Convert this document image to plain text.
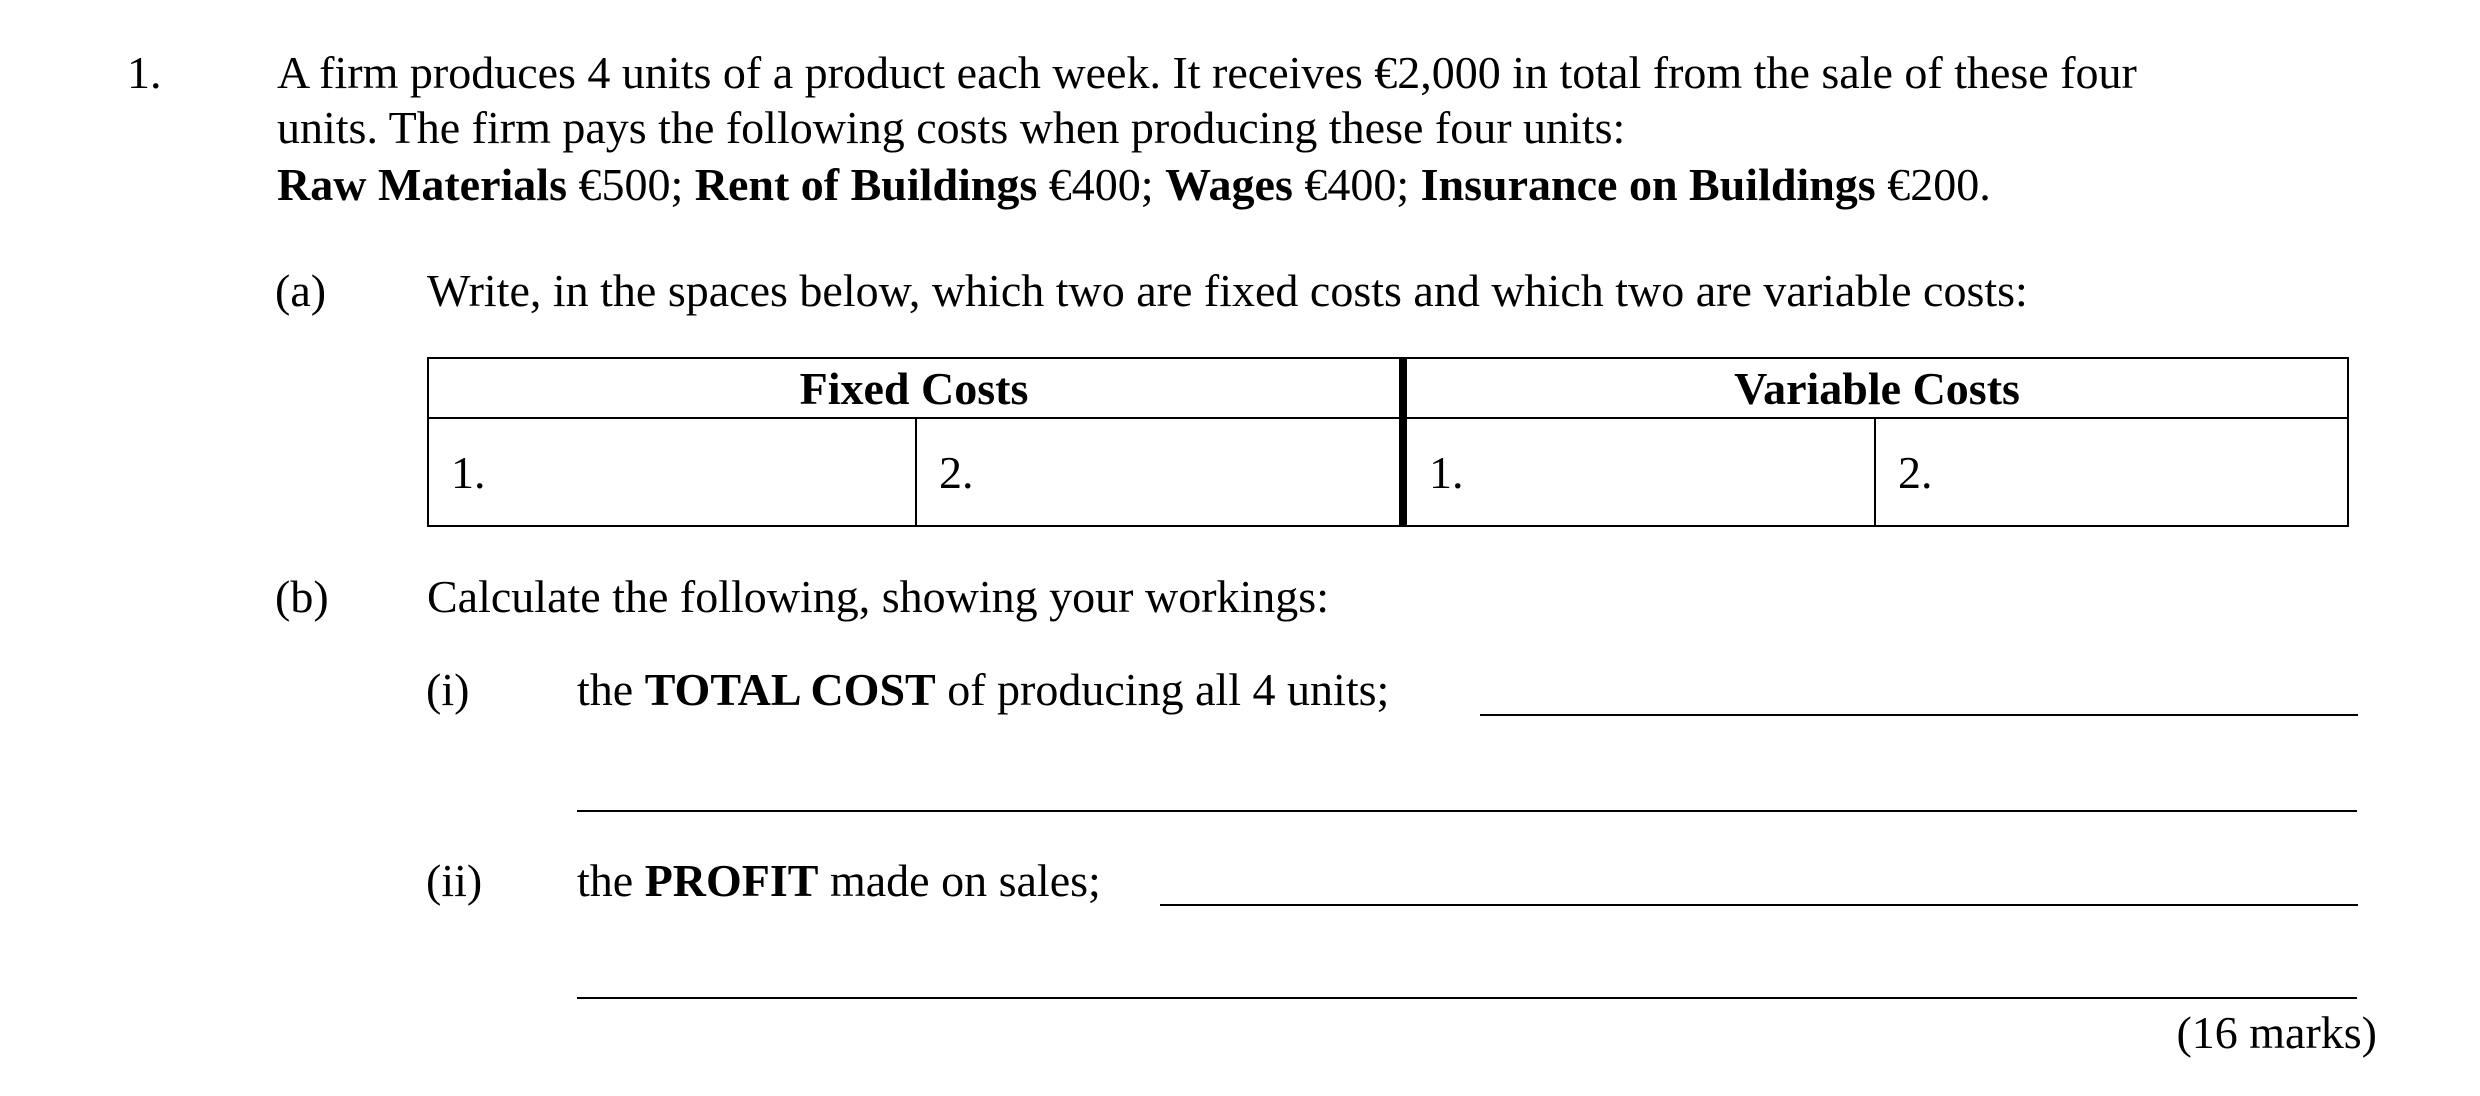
1.	A firm produces 4 units of a product each week. It receives €2,000 in total from the sale of these four
units. The firm pays the following costs when producing these four units:
Raw Materials €500; Rent of Buildings €400; Wages €400; Insurance on Buildings €200.
(a) Write, in the spaces below, which two are fixed costs and which two are variable costs:
Fixed Costs		Variable Costs	
1.	2.	1.	2.
(b) Calculate the following, showing your workings:
(i) the TOTAL COST of producing all 4 units;
(ii) the PROFIT made on sales;
(16 marks)
